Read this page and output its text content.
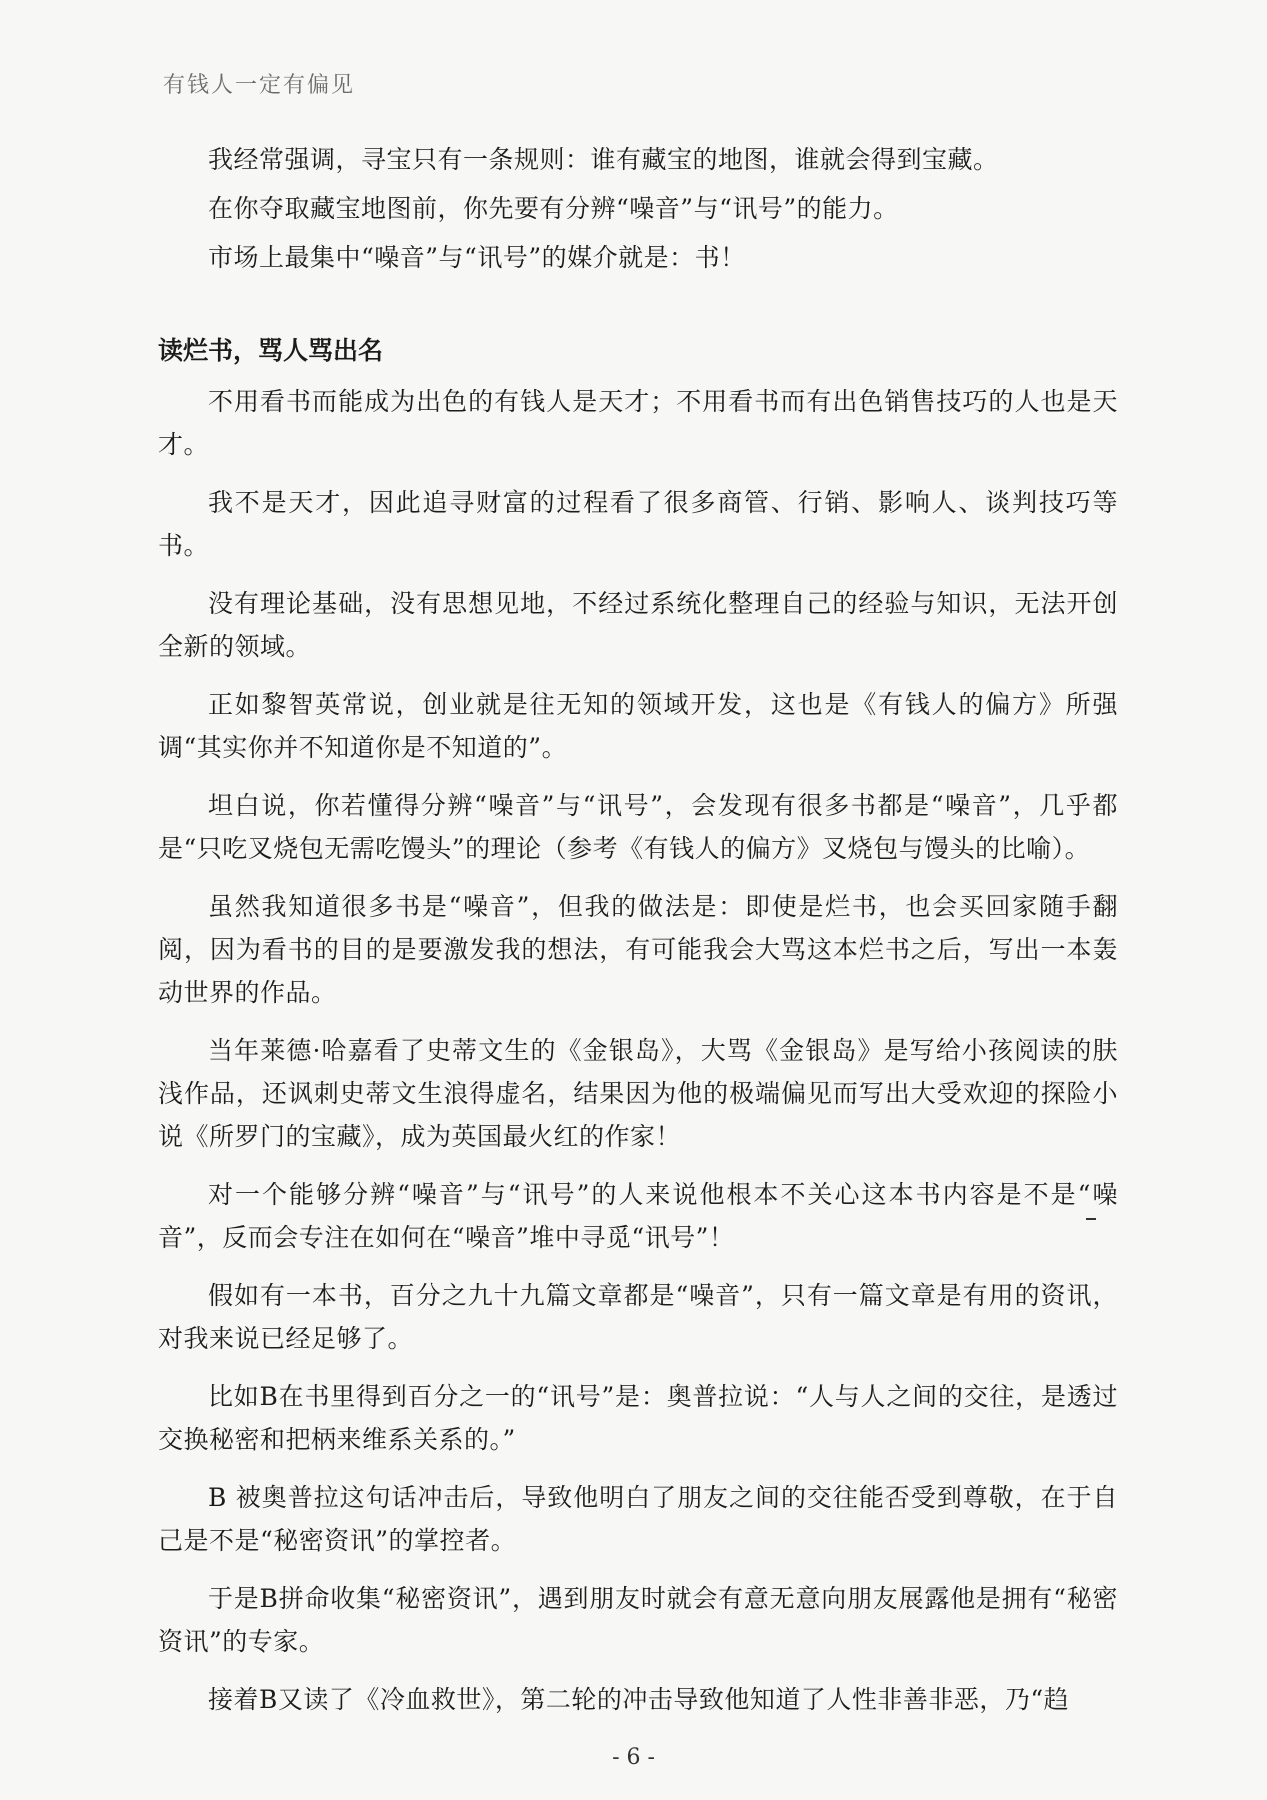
有钱人一定有偏见

我经常强调，寻宝只有一条规则：谁有藏宝的地图，谁就会得到宝藏。

在你夺取藏宝地图前，你先要有分辨“噪音”与“讯号”的能力。

市场上最集中“噪音”与“讯号”的媒介就是：书！

读烂书，骂人骂出名

不用看书而能成为出色的有钱人是天才；不用看书而有出色销售技巧的人也是天才。

我不是天才，因此追寻财富的过程看了很多商管、行销、影响人、谈判技巧等书。

没有理论基础，没有思想见地，不经过系统化整理自己的经验与知识，无法开创全新的领域。

正如黎智英常说，创业就是往无知的领域开发，这也是《有钱人的偏方》所强调“其实你并不知道你是不知道的”。

坦白说，你若懂得分辨“噪音”与“讯号”，会发现有很多书都是“噪音”，几乎都是“只吃叉烧包无需吃馒头”的理论（参考《有钱人的偏方》叉烧包与馒头的比喻）。

虽然我知道很多书是“噪音”，但我的做法是：即使是烂书，也会买回家随手翻阅，因为看书的目的是要激发我的想法，有可能我会大骂这本烂书之后，写出一本轰动世界的作品。

当年莱德·哈嘉看了史蒂文生的《金银岛》，大骂《金银岛》是写给小孩阅读的肤浅作品，还讽刺史蒂文生浪得虚名，结果因为他的极端偏见而写出大受欢迎的探险小说《所罗门的宝藏》，成为英国最火红的作家！

对一个能够分辨“噪音”与“讯号”的人来说他根本不关心这本书内容是不是“噪音”，反而会专注在如何在“噪音”堆中寻觅“讯号”！

假如有一本书，百分之九十九篇文章都是“噪音”，只有一篇文章是有用的资讯，对我来说已经足够了。

比如B在书里得到百分之一的“讯号”是：奥普拉说：“人与人之间的交往，是透过交换秘密和把柄来维系关系的。”

B 被奥普拉这句话冲击后，导致他明白了朋友之间的交往能否受到尊敬，在于自己是不是“秘密资讯”的掌控者。

于是B拼命收集“秘密资讯”，遇到朋友时就会有意无意向朋友展露他是拥有“秘密资讯”的专家。

接着B又读了《冷血救世》，第二轮的冲击导致他知道了人性非善非恶，乃“趋

- 6 -
